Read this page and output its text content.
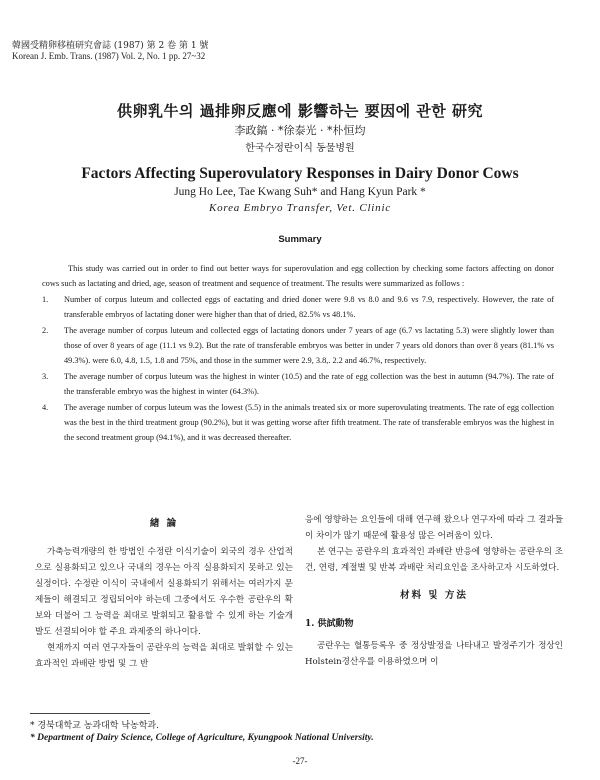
韓國受精卵移植研究會誌 (1987) 第 2 卷 第 1 號
Korean J. Emb. Trans. (1987) Vol. 2, No. 1 pp. 27~32
供卵乳牛의 過排卵反應에 影響하는 要因에 관한 研究
李政鎬 · *徐泰光 · *朴恒均
한국수정란이식 동물병원
Factors Affecting Superovulatory Responses in Dairy Donor Cows
Jung Ho Lee, Tae Kwang Suh* and Hang Kyun Park *
Korea Embryo Transfer, Vet. Clinic
Summary

This study was carried out in order to find out better ways for superovulation and egg collection by checking some factors affecting on donor cows such as lactating and dried, age, season of treatment and sequence of treatment. The results were summarized as follows :

1. Number of corpus luteum and collected eggs of eactating and dried doner were 9.8 vs 8.0 and 9.6 vs 7.9, respectively. However, the rate of transferable embryos of lactating doner were higher than that of dried, 82.5% vs 48.1%.
2. The average number of corpus luteum and collected eggs of lactating donors under 7 years of age (6.7 vs lactating 5.3) were slightly lower than those of over 8 years of age (11.1 vs 9.2). But the rate of transferable embryos was better in under 7 years old donors than over 8 years (81.1% vs 49.3%). were 6.0, 4.8, 1.5, 1.8 and 75%, and those in the summer were 2.9, 3.8,. 2.2 and 46.7%, respectively.
3. The average number of corpus luteum was the highest in winter (10.5) and the rate of egg collection was the best in autumn (94.7%). The rate of the transferable embryo was the highest in winter (64.3%).
4. The average number of corpus luteum was the lowest (5.5) in the animals treated six or more superovulating treatments. The rate of egg collection was the best in the third treatment group (90.2%), but it was getting worse after fifth treatment. The rate of transferable embryos was the highest in the second treatment group (94.1%), and it was decreased thereafter.
緖 論

가축능력개량의 한 방법인 수정란 이식기술이 외국의 경우 산업적으로 실용화되고 있으나 국내의 경우는 아직 실용화되지 못하고 있는 실정이다. 수정란 이식이 국내에서 실용화되기 위해서는 여러가지 문제들이 해결되고 정립되어야 하는데 그중에서도 우수한 공란우의 확보와 더불어 그 능력을 최대로 발휘되고 활용할 수 있게 하는 기술개발도 선결되어야 할 주요 과제중의 하나이다.

현재까지 여러 연구자들이 공란우의 능력을 최대로 발휘할 수 있는 효과적인 과배란 방법 및 그 반

응에 영향하는 요인들에 대해 연구해 왔으나 연구자에 따라 그 결과들이 차이가 많기 때문에 활용성 많은 어려움이 있다.

본 연구는 공란우의 효과적인 과배란 반응에 영향하는 공란우의 조건, 연령, 계절별 및 반복 과배란 처리요인을 조사하고자 시도하였다.

材料 및 方法
1. 供試動物

공란우는 혈통등록우 중 정상발정을 나타내고 발정주기가 정상인 Holstein경산우를 이용하였으며 이

* 경북대학교 농과대학 낙농학과.
* Department of Dairy Science, College of Agriculture, Kyungpook National University.
-27-
